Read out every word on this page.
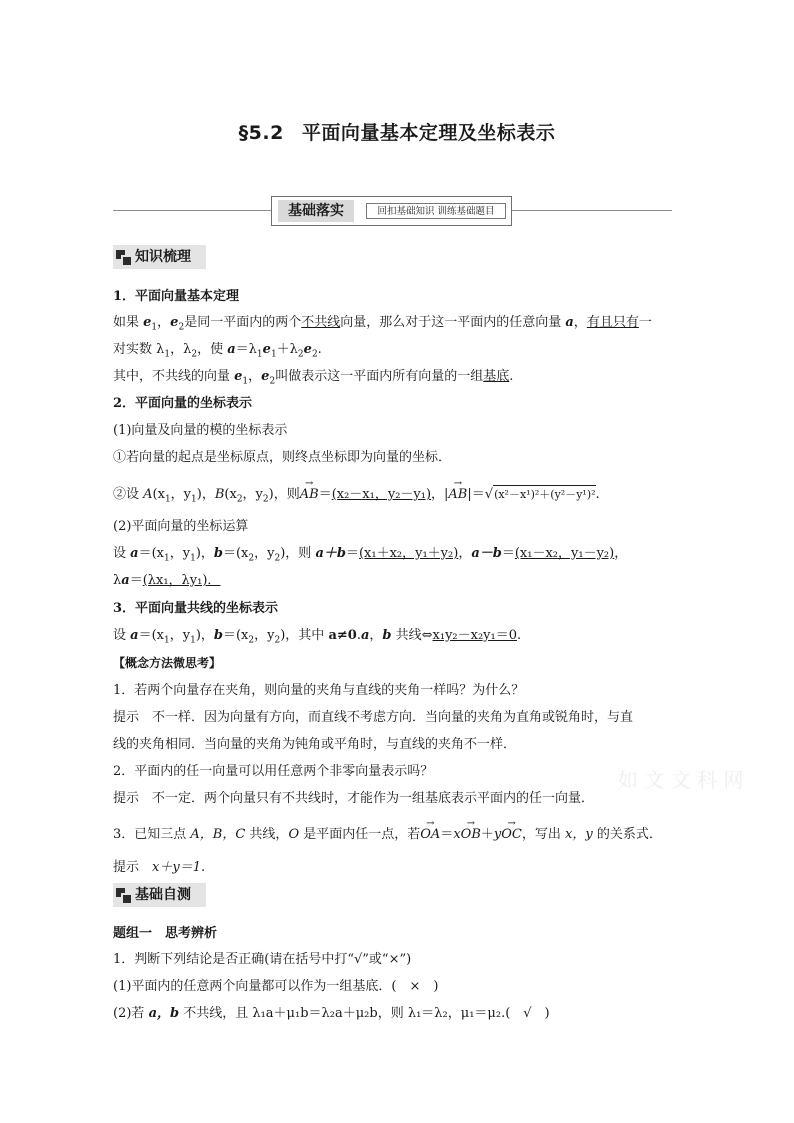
§5.2 平面向量基本定理及坐标表示
基础落实	回扣基础知识 训练基础题目
知识梳理
1．平面向量基本定理
如果 $e_1$，$e_2$是同一平面内的两个不共线向量，那么对于这一平面内的任意向量 a，有且只有一
对实数 $\lambda_1$，$\lambda_2$，使 $a=\lambda_1e_1+\lambda_2e_2$.
其中，不共线的向量 $e_1$，$e_2$叫做表示这一平面内所有向量的一组基底.
2．平面向量的坐标表示
(1)向量及向量的模的坐标表示
①若向量的起点是坐标原点，则终点坐标即为向量的坐标．
②设 $A(x_1$，$y_1$)，$B(x_2$，$y_2$)，则→ AB＝(x₂－x₁，y₂－y₁)，|→ AB|＝√(x²－x¹)²＋(y²－y¹)².
(2)平面向量的坐标运算
设 $a=(x_1$，$y_1$)，$b=(x_2$，$y_2$)，则 a＋b＝(x₁＋x₂，y₁＋y₂)，a－b＝(x₁－x₂，y₁－y₂)，
λa＝(λx₁，λy₁)．
3．平面向量共线的坐标表示
设 $a=(x_1$，$y_1$)，$b=(x_2$，$y_2$)，其中 a≠0.a，b 共线⇔x₁y₂－x₂y₁＝0.
【概念方法微思考】
1．若两个向量存在夹角，则向量的夹角与直线的夹角一样吗？为什么？
提示　不一样．因为向量有方向，而直线不考虑方向．当向量的夹角为直角或锐角时，与直
线的夹角相同．当向量的夹角为钝角或平角时，与直线的夹角不一样．
2．平面内的任一向量可以用任意两个非零向量表示吗？
提示　不一定．两个向量只有不共线时，才能作为一组基底表示平面内的任一向量．
3．已知三点 A，B，C 共线，O 是平面内任一点，若→ OA＝x→ OB＋y→ OC，写出 x，y 的关系式．
提示　x＋y＝1.
基础自测
题组一　思考辨析
1．判断下列结论是否正确(请在括号中打“√”或“×”)
(1)平面内的任意两个向量都可以作为一组基底．(　×　)
(2)若 a，b 不共线，且 λ₁a＋μ₁b＝λ₂a＋μ₂b，则 λ₁＝λ₂，μ₁＝μ₂.(　√　)
如 文 文 科 网
